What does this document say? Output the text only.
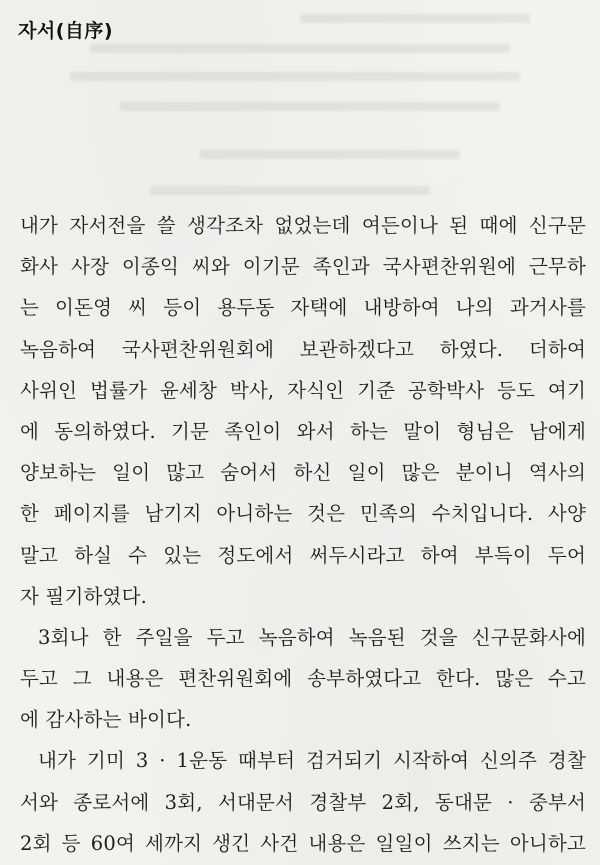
자서(自序)
내가 자서전을 쓸 생각조차 없었는데 여든이나 된 때에 신구문
화사 사장 이종익 씨와 이기문 족인과 국사편찬위원에 근무하
는 이돈영 씨 등이 용두동 자택에 내방하여 나의 과거사를
녹음하여 국사편찬위원회에 보관하겠다고 하였다. 더하여
사위인 법률가 윤세창 박사, 자식인 기준 공학박사 등도 여기
에 동의하였다. 기문 족인이 와서 하는 말이 형님은 남에게
양보하는 일이 많고 숨어서 하신 일이 많은 분이니 역사의
한 페이지를 남기지 아니하는 것은 민족의 수치입니다. 사양
말고 하실 수 있는 정도에서 써두시라고 하여 부득이 두어
자 필기하였다.
3회나 한 주일을 두고 녹음하여 녹음된 것을 신구문화사에
두고 그 내용은 편찬위원회에 송부하였다고 한다. 많은 수고
에 감사하는 바이다.
내가 기미 3 · 1운동 때부터 검거되기 시작하여 신의주 경찰
서와 종로서에 3회, 서대문서 경찰부 2회, 동대문 · 중부서
2회 등 60여 세까지 생긴 사건 내용은 일일이 쓰지는 아니하고
